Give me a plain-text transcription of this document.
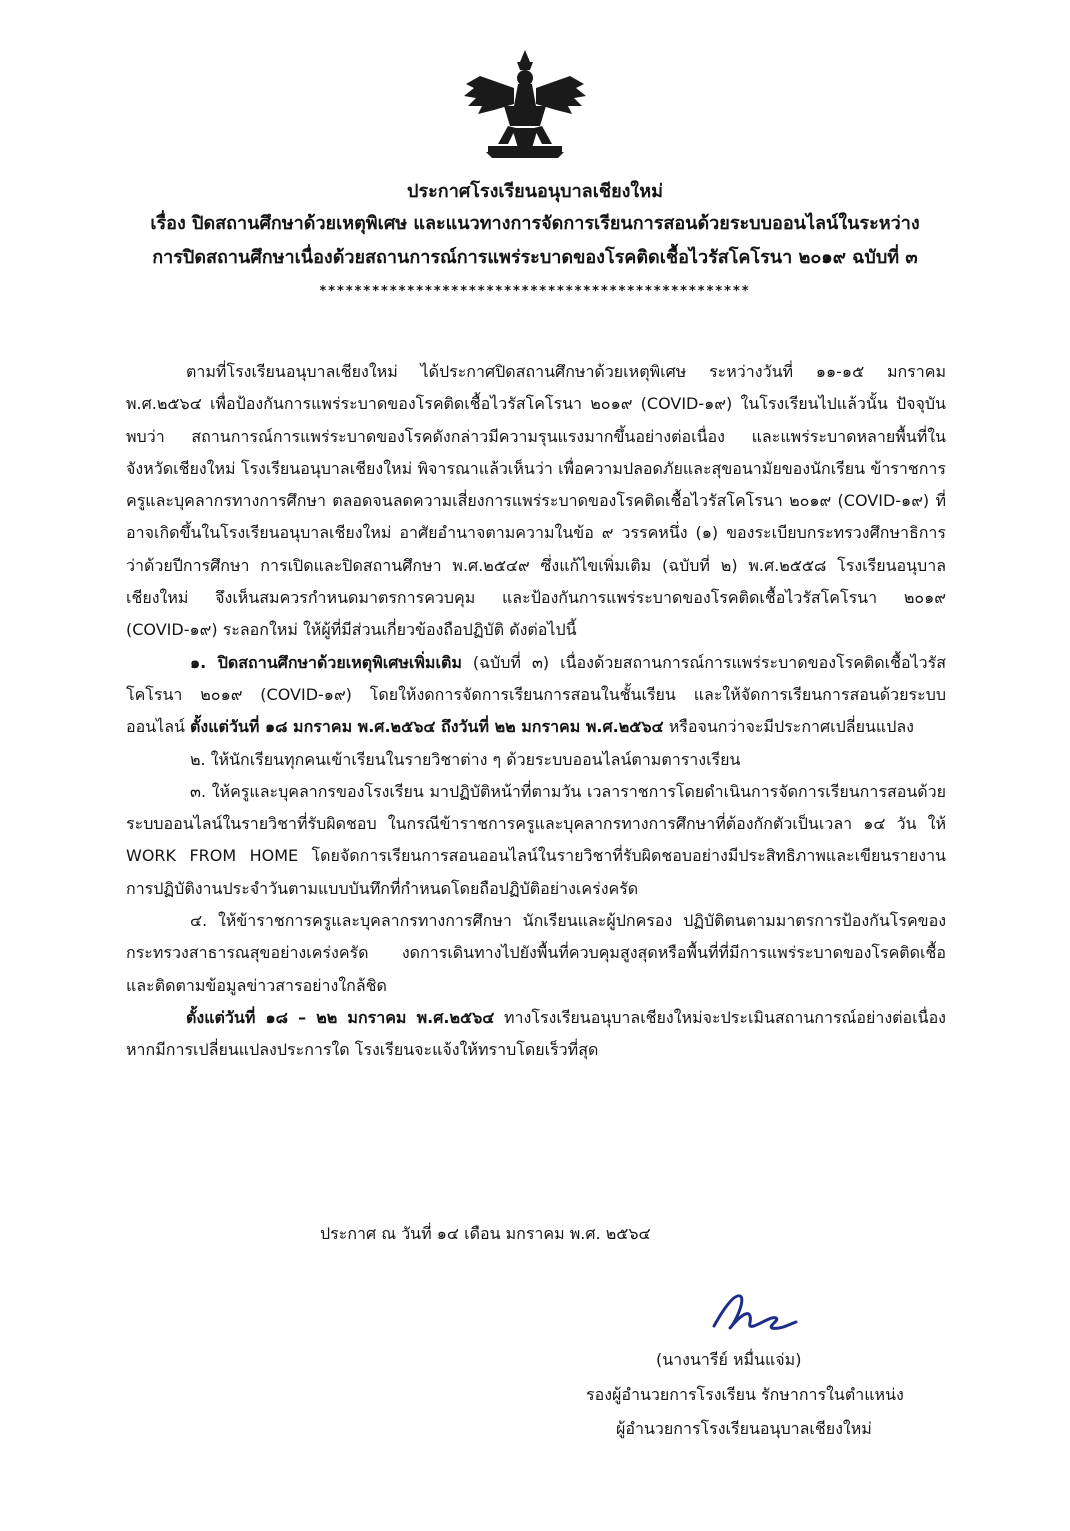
ประกาศโรงเรียนอนุบาลเชียงใหม่
เรื่อง ปิดสถานศึกษาด้วยเหตุพิเศษ และแนวทางการจัดการเรียนการสอนด้วยระบบออนไลน์ในระหว่าง
การปิดสถานศึกษาเนื่องด้วยสถานการณ์การแพร่ระบาดของโรคติดเชื้อไวรัสโคโรนา ๒๐๑๙ ฉบับที่ ๓
*************************************************

ตามที่โรงเรียนอนุบาลเชียงใหม่ ได้ประกาศปิดสถานศึกษาด้วยเหตุพิเศษ ระหว่างวันที่ ๑๑-๑๕ มกราคม พ.ศ.๒๕๖๔ เพื่อป้องกันการแพร่ระบาดของโรคติดเชื้อไวรัสโคโรนา ๒๐๑๙ (COVID-๑๙) ในโรงเรียนไปแล้วนั้น ปัจจุบันพบว่า สถานการณ์การแพร่ระบาดของโรคดังกล่าวมีความรุนแรงมากขึ้นอย่างต่อเนื่อง และแพร่ระบาดหลายพื้นที่ในจังหวัดเชียงใหม่ โรงเรียนอนุบาลเชียงใหม่ พิจารณาแล้วเห็นว่า เพื่อความปลอดภัยและสุขอนามัยของนักเรียน ข้าราชการครูและบุคลากรทางการศึกษา ตลอดจนลดความเสี่ยงการแพร่ระบาดของโรคติดเชื้อไวรัสโคโรนา ๒๐๑๙ (COVID-๑๙) ที่อาจเกิดขึ้นในโรงเรียนอนุบาลเชียงใหม่ อาศัยอำนาจตามความในข้อ ๙ วรรคหนึ่ง (๑) ของระเบียบกระทรวงศึกษาธิการ ว่าด้วยปีการศึกษา การเปิดและปิดสถานศึกษา พ.ศ.๒๕๔๙ ซึ่งแก้ไขเพิ่มเติม (ฉบับที่ ๒) พ.ศ.๒๕๕๘ โรงเรียนอนุบาลเชียงใหม่ จึงเห็นสมควรกำหนดมาตรการควบคุม และป้องกันการแพร่ระบาดของโรคติดเชื้อไวรัสโคโรนา ๒๐๑๙ (COVID-๑๙) ระลอกใหม่ ให้ผู้ที่มีส่วนเกี่ยวข้องถือปฏิบัติ ดังต่อไปนี้

๑. ปิดสถานศึกษาด้วยเหตุพิเศษเพิ่มเติม (ฉบับที่ ๓) เนื่องด้วยสถานการณ์การแพร่ระบาดของโรคติดเชื้อไวรัสโคโรนา ๒๐๑๙ (COVID-๑๙) โดยให้งดการจัดการเรียนการสอนในชั้นเรียน และให้จัดการเรียนการสอนด้วยระบบออนไลน์ ตั้งแต่วันที่ ๑๘ มกราคม พ.ศ.๒๕๖๔ ถึงวันที่ ๒๒ มกราคม พ.ศ.๒๕๖๔ หรือจนกว่าจะมีประกาศเปลี่ยนแปลง

๒. ให้นักเรียนทุกคนเข้าเรียนในรายวิชาต่าง ๆ ด้วยระบบออนไลน์ตามตารางเรียน

๓. ให้ครูและบุคลากรของโรงเรียน มาปฏิบัติหน้าที่ตามวัน เวลาราชการโดยดำเนินการจัดการเรียนการสอนด้วยระบบออนไลน์ในรายวิชาที่รับผิดชอบ ในกรณีข้าราชการครูและบุคลากรทางการศึกษาที่ต้องกักตัวเป็นเวลา ๑๔ วัน ให้ WORK FROM HOME โดยจัดการเรียนการสอนออนไลน์ในรายวิชาที่รับผิดชอบอย่างมีประสิทธิภาพและเขียนรายงานการปฏิบัติงานประจำวันตามแบบบันทึกที่กำหนดโดยถือปฏิบัติอย่างเคร่งครัด

๔. ให้ข้าราชการครูและบุคลากรทางการศึกษา นักเรียนและผู้ปกครอง ปฏิบัติตนตามมาตรการป้องกันโรคของกระทรวงสาธารณสุขอย่างเคร่งครัด งดการเดินทางไปยังพื้นที่ควบคุมสูงสุดหรือพื้นที่ที่มีการแพร่ระบาดของโรคติดเชื้อและติดตามข้อมูลข่าวสารอย่างใกล้ชิด

ตั้งแต่วันที่ ๑๘ – ๒๒ มกราคม พ.ศ.๒๕๖๔ ทางโรงเรียนอนุบาลเชียงใหม่จะประเมินสถานการณ์อย่างต่อเนื่อง หากมีการเปลี่ยนแปลงประการใด โรงเรียนจะแจ้งให้ทราบโดยเร็วที่สุด

ประกาศ ณ วันที่ ๑๔ เดือน มกราคม พ.ศ. ๒๕๖๔
(นางนารีย์ หมื่นแจ่ม)
รองผู้อำนวยการโรงเรียน รักษาการในตำแหน่ง
ผู้อำนวยการโรงเรียนอนุบาลเชียงใหม่
